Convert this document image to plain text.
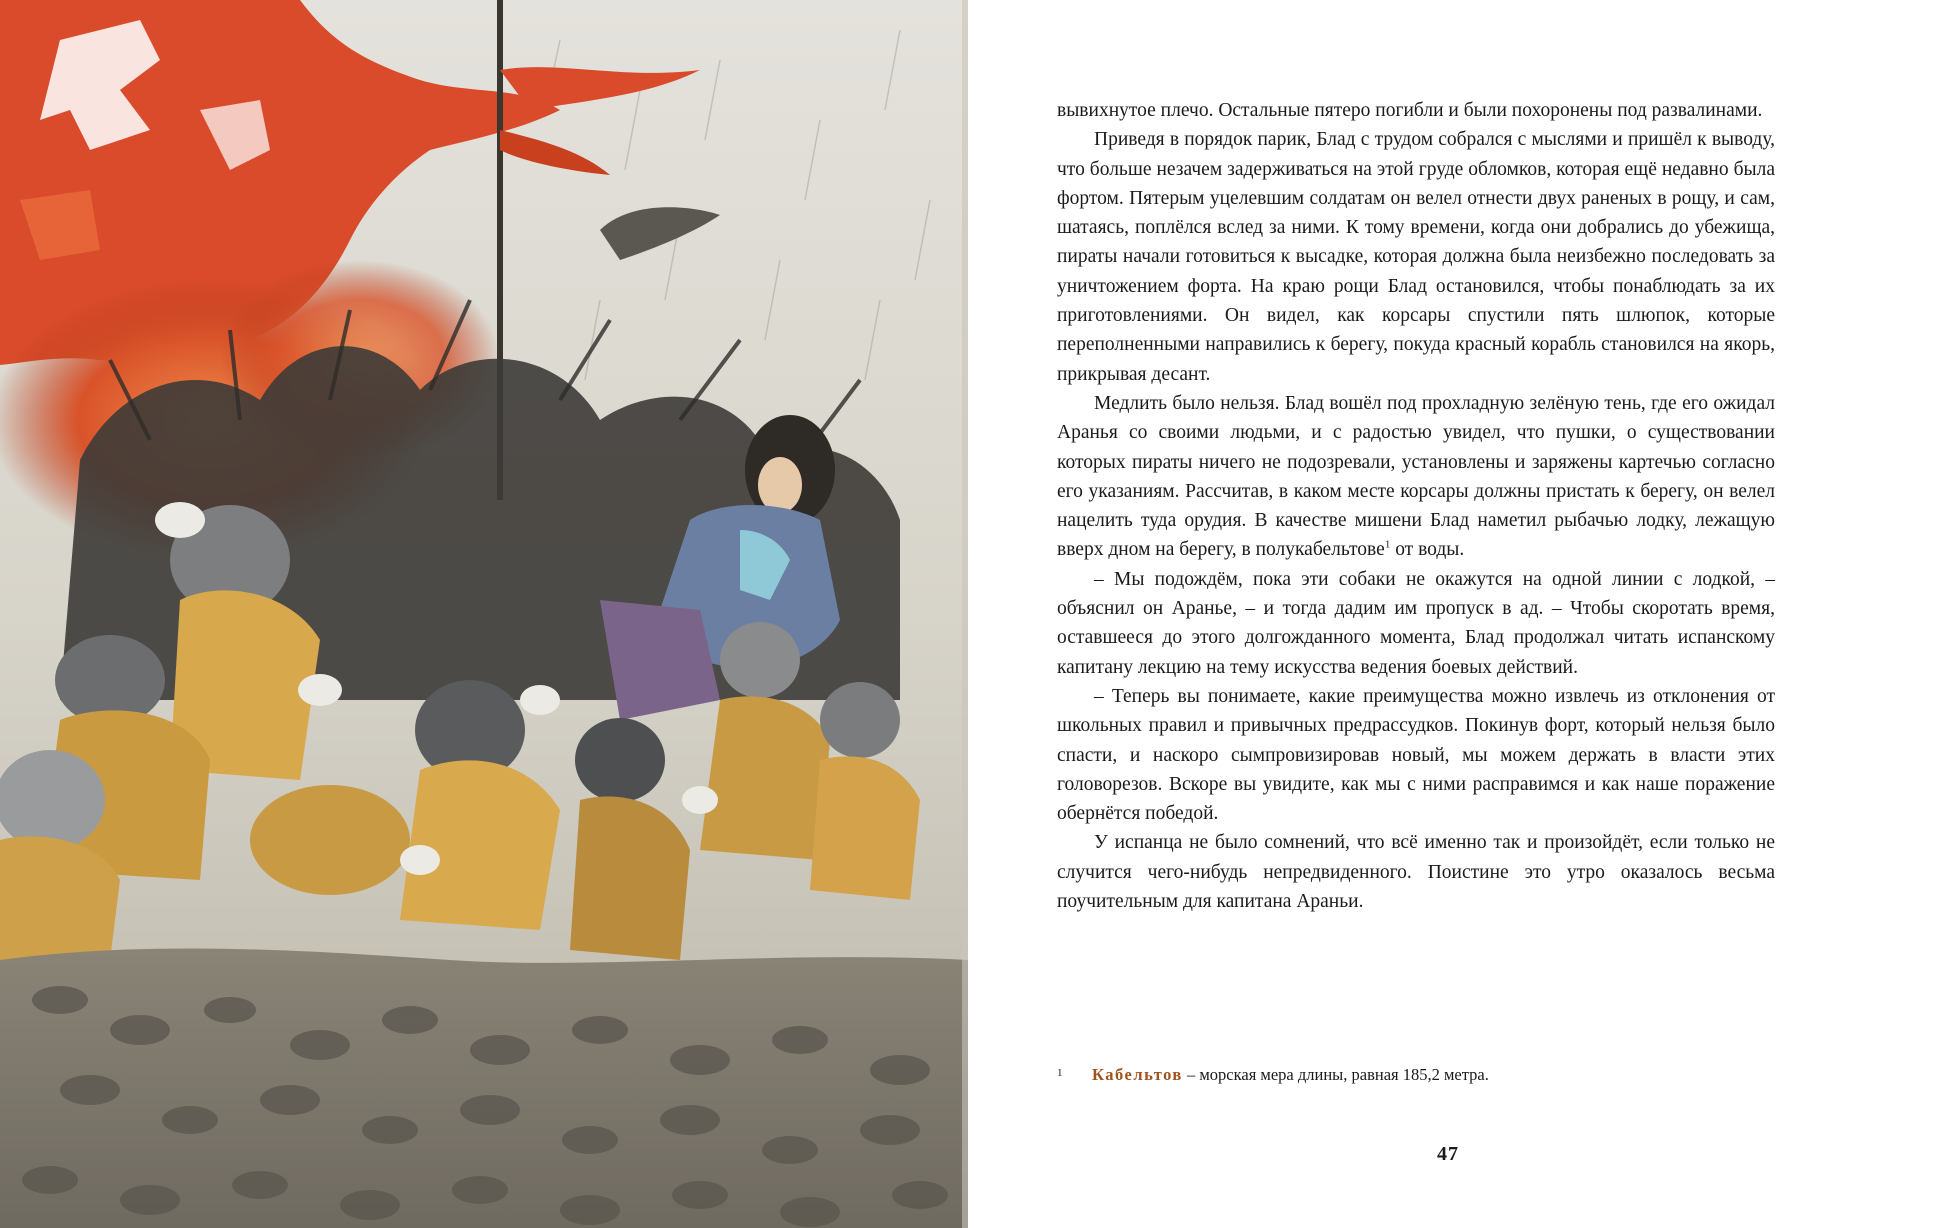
вывихнутое плечо. Остальные пятеро погибли и были похоронены под развалинами.

Приведя в порядок парик, Блад с трудом собрался с мыслями и пришёл к выводу, что больше незачем задерживаться на этой груде обломков, которая ещё недавно была фортом. Пятерым уцелевшим солдатам он велел отнести двух раненых в рощу, и сам, шатаясь, поплёлся вслед за ними. К тому времени, когда они добрались до убежища, пираты начали готовиться к высадке, которая должна была неизбежно последовать за уничтожением форта. На краю рощи Блад остановился, чтобы понаблюдать за их приготовлениями. Он видел, как корсары спустили пять шлюпок, которые переполненными направились к берегу, покуда красный корабль становился на якорь, прикрывая десант.

Медлить было нельзя. Блад вошёл под прохладную зелёную тень, где его ожидал Аранья со своими людьми, и с радостью увидел, что пушки, о существовании которых пираты ничего не подозревали, установлены и заряжены картечью согласно его указаниям. Рассчитав, в каком месте корсары должны пристать к берегу, он велел нацелить туда орудия. В качестве мишени Блад наметил рыбачью лодку, лежащую вверх дном на берегу, в полукабельтове$^1$ от воды.

– Мы подождём, пока эти собаки не окажутся на одной линии с лодкой, – объяснил он Аранье, – и тогда дадим им пропуск в ад. – Чтобы скоротать время, оставшееся до этого долгожданного момента, Блад продолжал читать испанскому капитану лекцию на тему искусства ведения боевых действий.

– Теперь вы понимаете, какие преимущества можно извлечь из отклонения от школьных правил и привычных предрассудков. Покинув форт, который нельзя было спасти, и наскоро сымпровизировав новый, мы можем держать в власти этих головорезов. Вскоре вы увидите, как мы с ними расправимся и как наше поражение обернётся победой.

У испанца не было сомнений, что всё именно так и произойдёт, если только не случится чего-нибудь непредвиденного. Поистине это утро оказалось весьма поучительным для капитана Араньи.

1 Кабельтов – морская мера длины, равная 185,2 метра.
47
